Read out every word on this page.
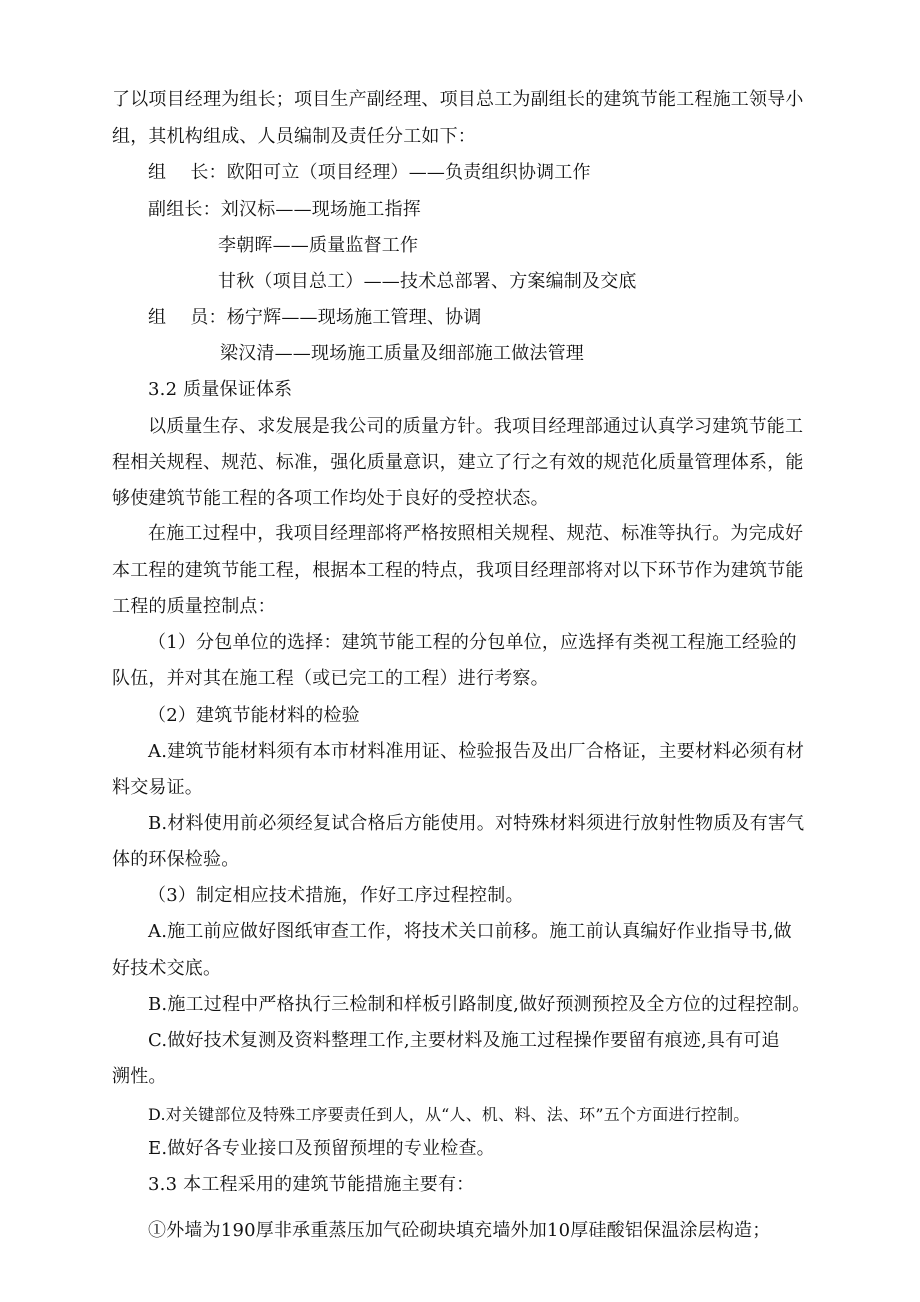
了以项目经理为组长；项目生产副经理、项目总工为副组长的建筑节能工程施工领导小
组，其机构组成、人员编制及责任分工如下：
组　 长：欧阳可立（项目经理）——负责组织协调工作
副组长：刘汉标——现场施工指挥
李朝晖——质量监督工作
甘秋（项目总工）——技术总部署、方案编制及交底
组　 员：杨宁辉——现场施工管理、协调
梁汉清——现场施工质量及细部施工做法管理
3.2 质量保证体系
以质量生存、求发展是我公司的质量方针。我项目经理部通过认真学习建筑节能工
程相关规程、规范、标准，强化质量意识，建立了行之有效的规范化质量管理体系，能
够使建筑节能工程的各项工作均处于良好的受控状态。
在施工过程中，我项目经理部将严格按照相关规程、规范、标准等执行。为完成好
本工程的建筑节能工程，根据本工程的特点，我项目经理部将对以下环节作为建筑节能
工程的质量控制点：
（1）分包单位的选择：建筑节能工程的分包单位，应选择有类视工程施工经验的
队伍，并对其在施工程（或已完工的工程）进行考察。
（2）建筑节能材料的检验
A.建筑节能材料须有本市材料准用证、检验报告及出厂合格证，主要材料必须有材
料交易证。
B.材料使用前必须经复试合格后方能使用。对特殊材料须进行放射性物质及有害气
体的环保检验。
（3）制定相应技术措施，作好工序过程控制。
A.施工前应做好图纸审查工作，将技术关口前移。施工前认真编好作业指导书,做
好技术交底。
B.施工过程中严格执行三检制和样板引路制度,做好预测预控及全方位的过程控制。
C.做好技术复测及资料整理工作,主要材料及施工过程操作要留有痕迹,具有可追
溯性。
D.对关键部位及特殊工序要责任到人，从“人、机、料、法、环”五个方面进行控制。
E.做好各专业接口及预留预埋的专业检查。
3.3 本工程采用的建筑节能措施主要有：
①外墙为190厚非承重蒸压加气砼砌块填充墙外加10厚硅酸铝保温涂层构造；
